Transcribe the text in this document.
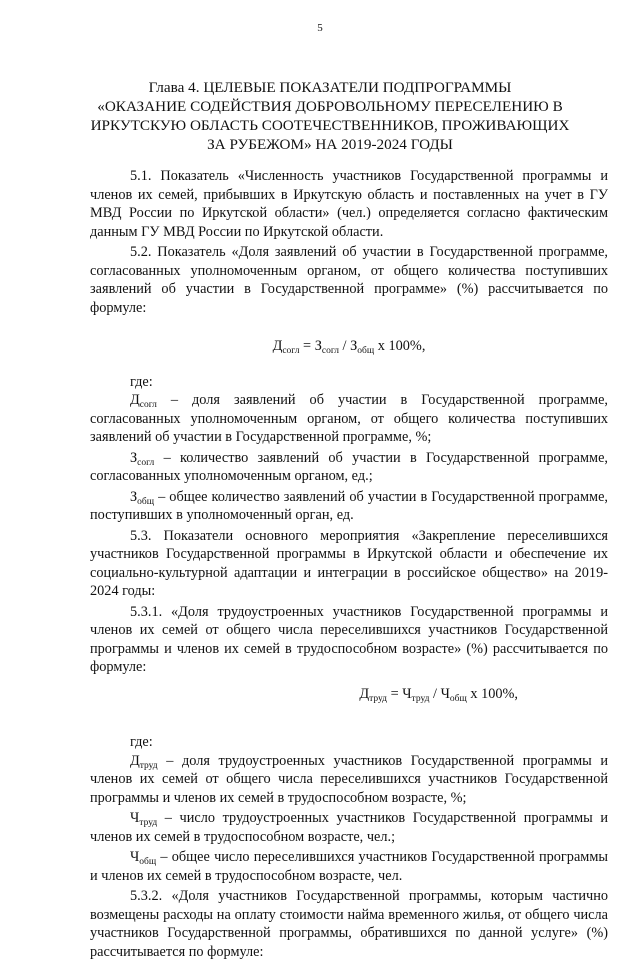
5
Глава 4. ЦЕЛЕВЫЕ ПОКАЗАТЕЛИ ПОДПРОГРАММЫ
«ОКАЗАНИЕ СОДЕЙСТВИЯ ДОБРОВОЛЬНОМУ ПЕРЕСЕЛЕНИЮ В
ИРКУТСКУЮ ОБЛАСТЬ СООТЕЧЕСТВЕННИКОВ, ПРОЖИВАЮЩИХ
ЗА РУБЕЖОМ» НА 2019-2024 ГОДЫ

5.1. Показатель «Численность участников Государственной программы и членов их семей, прибывших в Иркутскую область и поставленных на учет в ГУ МВД России по Иркутской области» (чел.) определяется согласно фактическим данным ГУ МВД России по Иркутской области.

5.2. Показатель «Доля заявлений об участии в Государственной программе, согласованных уполномоченным органом, от общего количества поступивших заявлений об участии в Государственной программе» (%) рассчитывается по формуле:

$Д_{согл} = З_{согл} / З_{общ}$ х 100%,

где:

$Д_{согл}$ – доля заявлений об участии в Государственной программе, согласованных уполномоченным органом, от общего количества поступивших заявлений об участии в Государственной программе, %;

$З_{согл}$ – количество заявлений об участии в Государственной программе, согласованных уполномоченным органом, ед.;

$З_{общ}$ – общее количество заявлений об участии в Государственной программе, поступивших в уполномоченный орган, ед.

5.3. Показатели основного мероприятия «Закрепление переселившихся участников Государственной программы в Иркутской области и обеспечение их социально-культурной адаптации и интеграции в российское общество» на 2019-2024 годы:

5.3.1. «Доля трудоустроенных участников Государственной программы и членов их семей от общего числа переселившихся участников Государственной программы и членов их семей в трудоспособном возрасте» (%) рассчитывается по формуле:

$Д_{труд} = Ч_{труд} / Ч_{общ}$ х 100%,

где:

$Д_{труд}$ – доля трудоустроенных участников Государственной программы и членов их семей от общего числа переселившихся участников Государственной программы и членов их семей в трудоспособном возрасте, %;

$Ч_{труд}$ – число трудоустроенных участников Государственной программы и членов их семей в трудоспособном возрасте, чел.;

$Ч_{общ}$ – общее число переселившихся участников Государственной программы и членов их семей в трудоспособном возрасте, чел.

5.3.2. «Доля участников Государственной программы, которым частично возмещены расходы на оплату стоимости найма временного жилья, от общего числа участников Государственной программы, обратившихся по данной услуге» (%) рассчитывается по формуле:
